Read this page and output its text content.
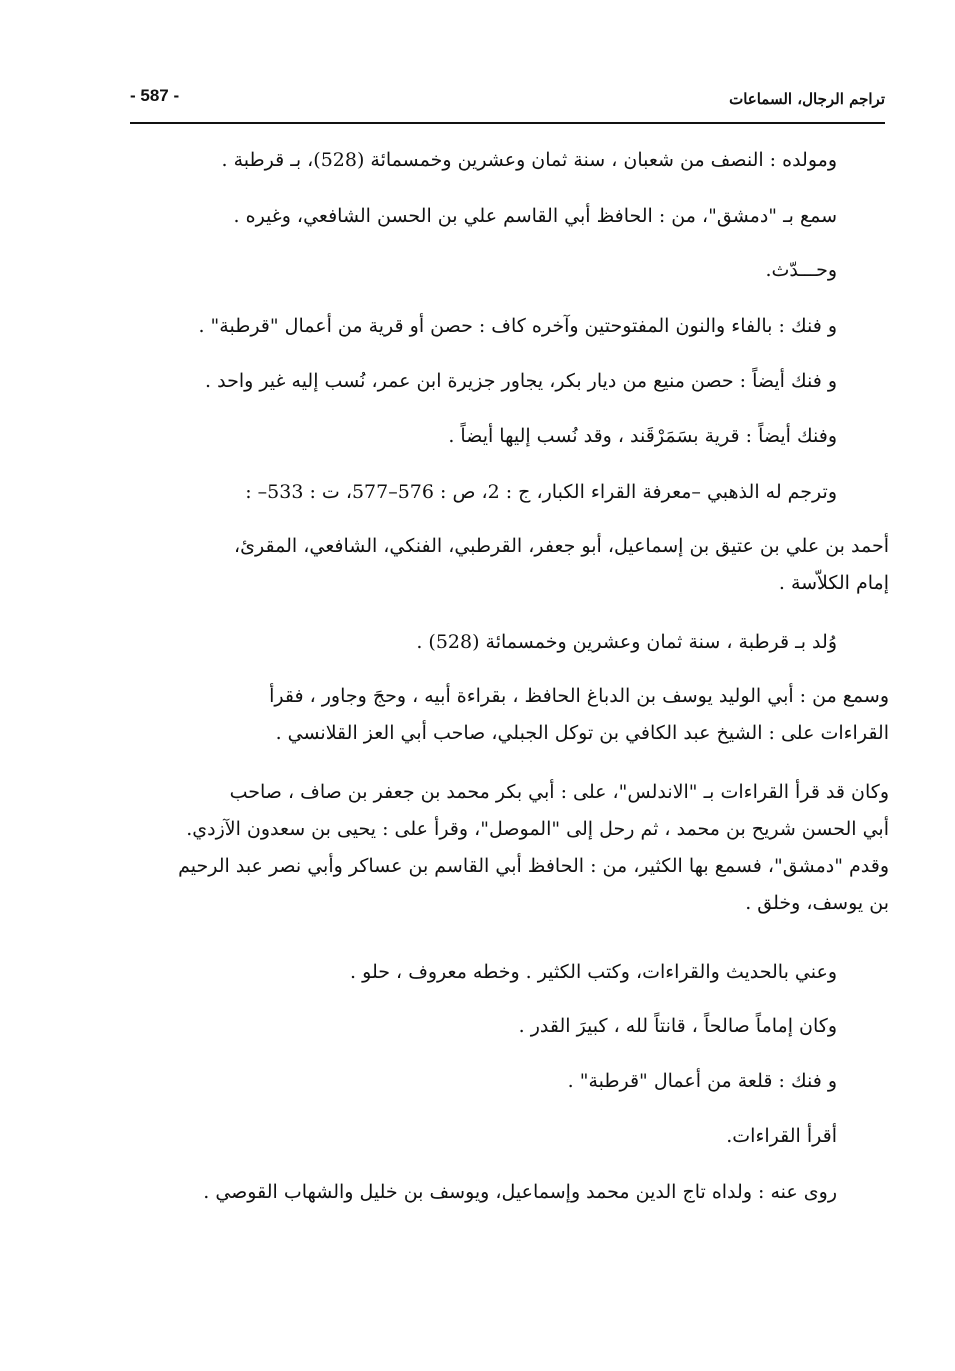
تراجم الرجال، السماعات
- 587 -
ومولده : النصف من شعبان ، سنة ثمان وعشرين وخمسمائة (528)، بـ قرطبة .
سمع بـ "دمشق"، من : الحافظ أبي القاسم علي بن الحسن الشافعي، وغيره .
وحـــدّث.
و فنك : بالفاء والنون المفتوحتين وآخره كاف : حصن أو قرية من أعمال "قرطبة" .
و فنك أيضاً : حصن منيع من ديار بكر، يجاور جزيرة ابن عمر، نُسب إليه غير واحد .
وفنك أيضاً : قرية بسَمَرْقَند ، وقد نُسب إليها أيضاً .
وترجم له الذهبي –معرفة القراء الكبار، ج : 2، ص : 576–577، ت : 533– :
أحمد بن علي بن عتيق بن إسماعيل، أبو جعفر، القرطبي، الفنكي، الشافعي، المقرئ،
إمام الكلاّسة .
وُلد بـ قرطبة ، سنة ثمان وعشرين وخمسمائة (528) .
وسمع من : أبي الوليد يوسف بن الدباغ الحافظ ، بقراءة أبيه ، وحجَ وجاور ، فقرأ
القراءات على : الشيخ عبد الكافي بن توكل الجبلي، صاحب أبي العز القلانسي .
وكان قد قرأ القراءات بـ "الاندلس"، على : أبي بكر محمد بن جعفر بن صاف ، صاحب
أبي الحسن شريح بن محمد ، ثم رحل إلى "الموصل"، وقرأ على : يحيى بن سعدون الآزدي.
وقدم "دمشق"، فسمع بها الكثير، من : الحافظ أبي القاسم بن عساكر وأبي نصر عبد الرحيم
بن يوسف، وخلق .
وعني بالحديث والقراءات، وكتب الكثير . وخطه معروف ، حلو .
وكان إماماً صالحاً ، قانتاً لله ، كبيرَ القدر .
و فنك : قلعة من أعمال "قرطبة" .
أقرأ القراءات.
روى عنه : ولداه تاج الدين محمد وإسماعيل، ويوسف بن خليل والشهاب القوصي .
